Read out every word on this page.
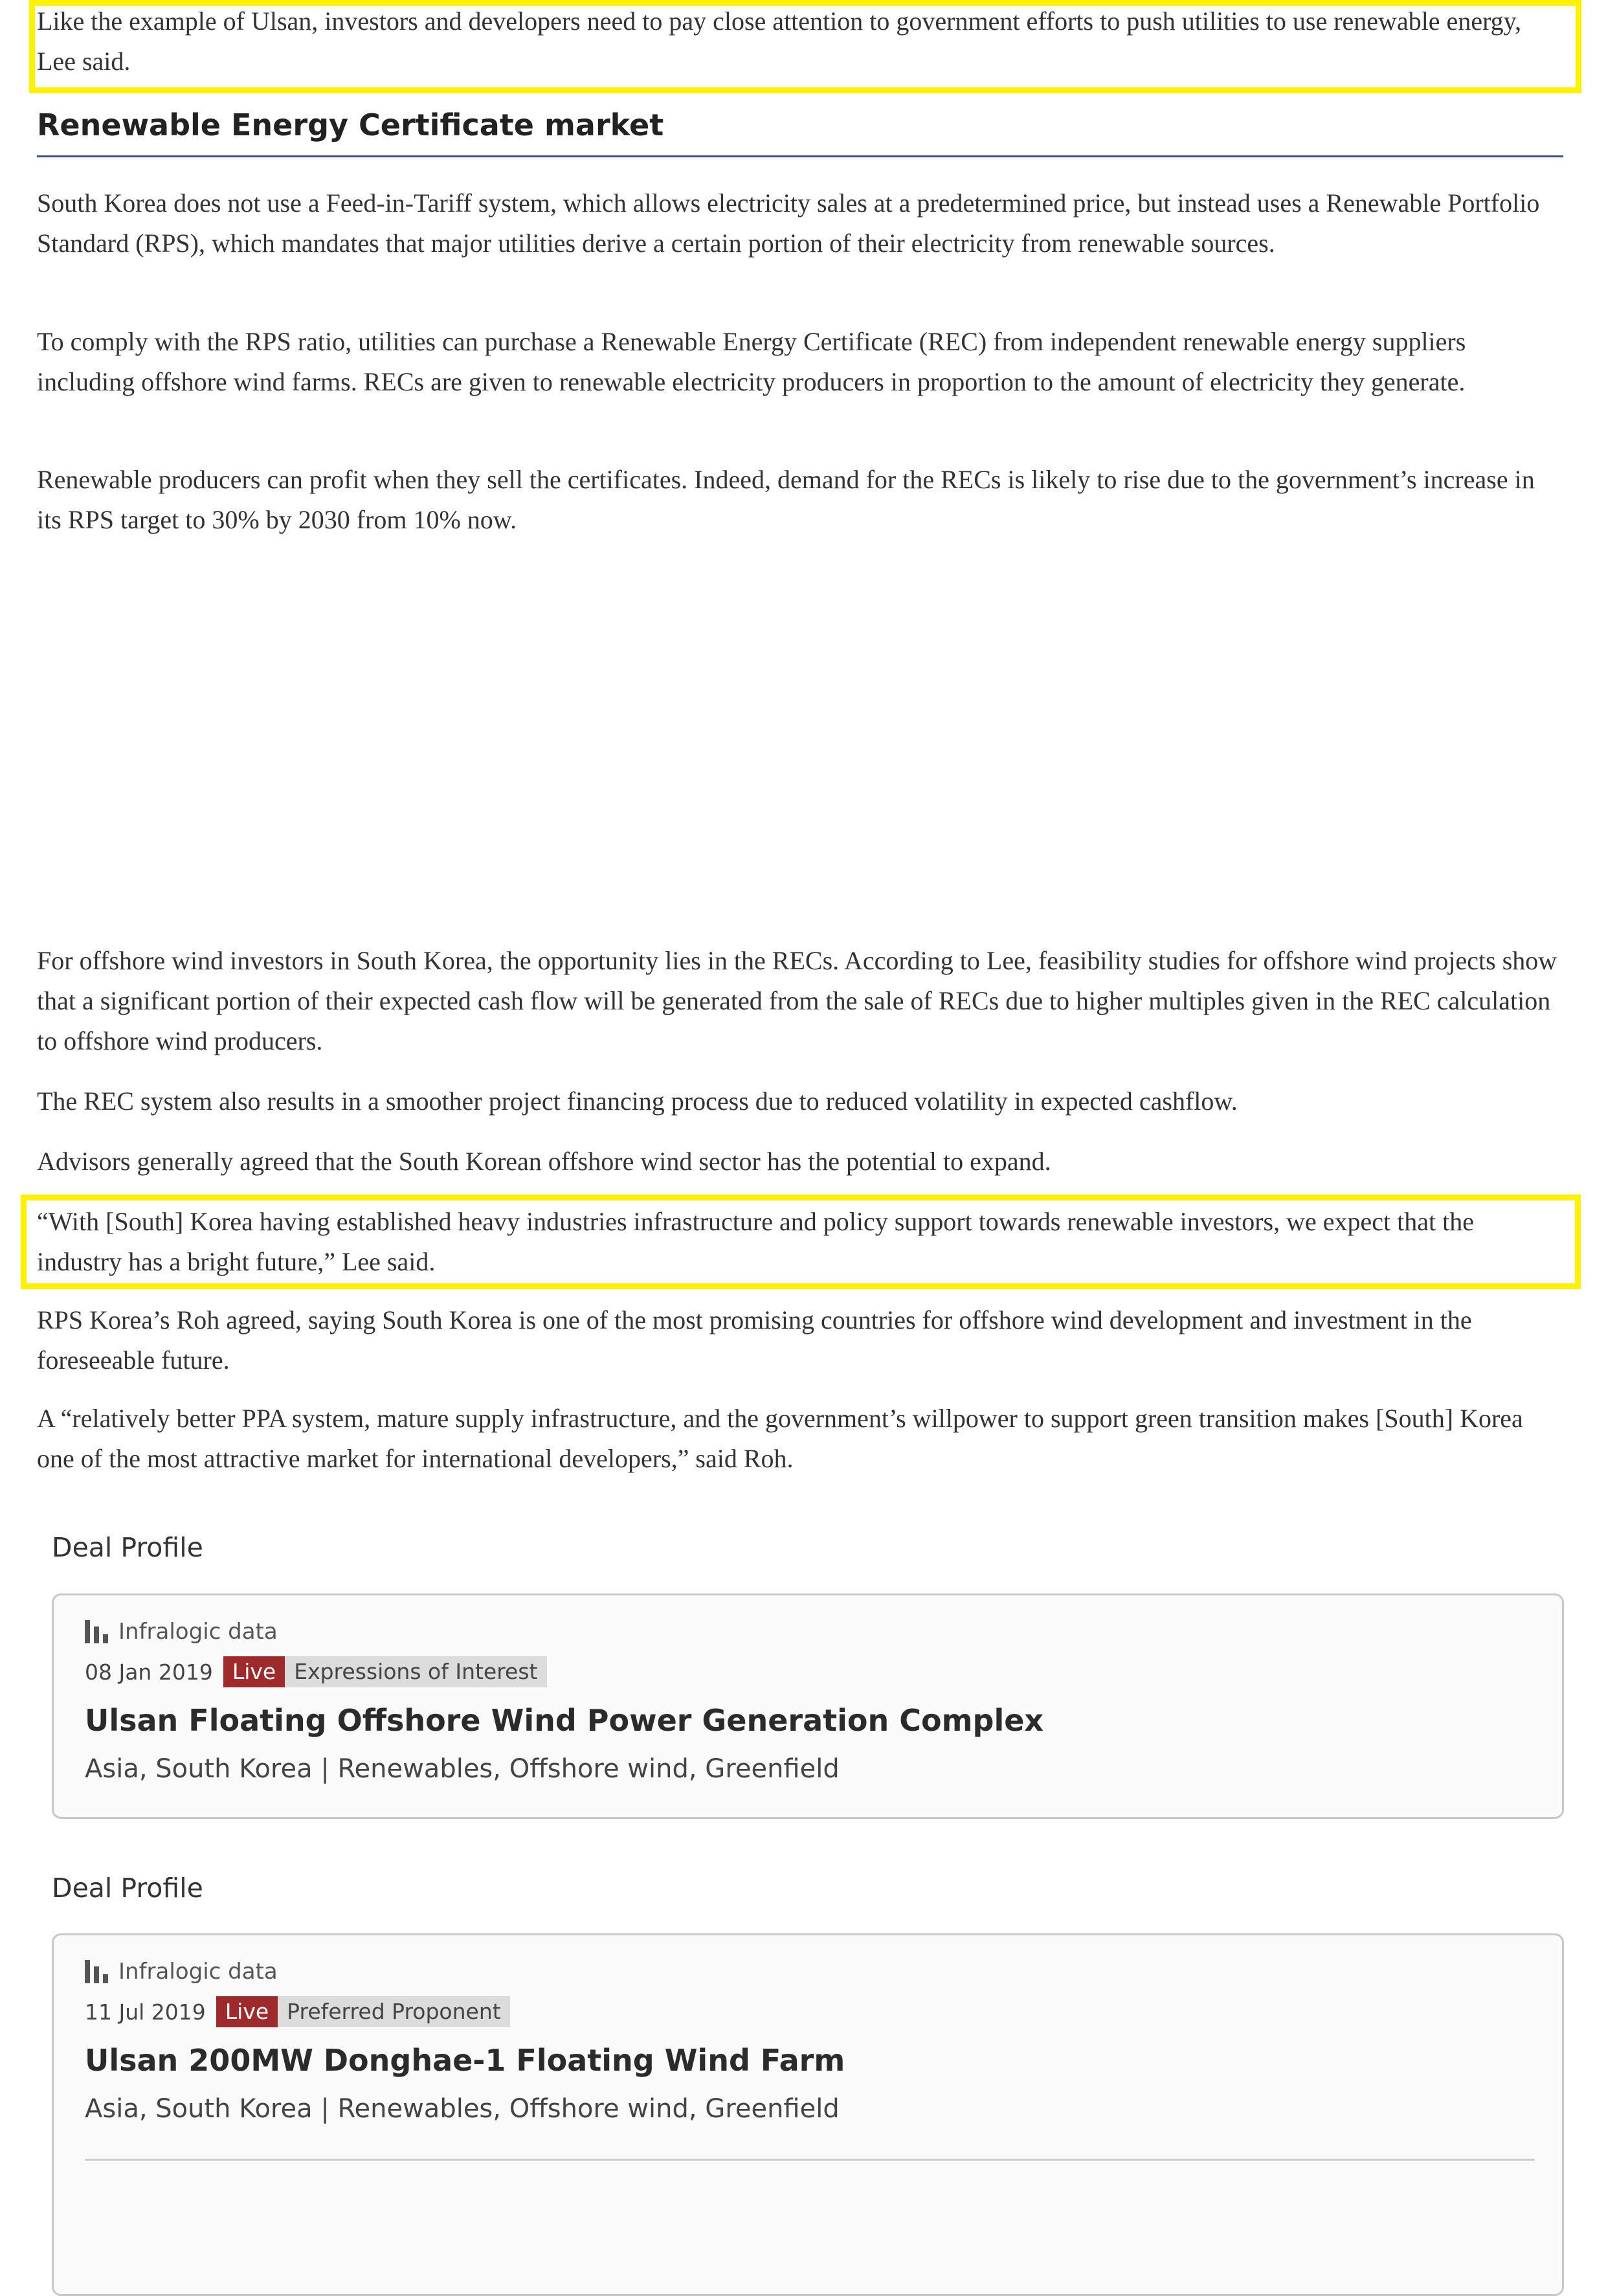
Like the example of Ulsan, investors and developers need to pay close attention to government efforts to push utilities to use renewable energy, Lee said.

Renewable Energy Certificate market

South Korea does not use a Feed-in-Tariff system, which allows electricity sales at a predetermined price, but instead uses a Renewable Portfolio Standard (RPS), which mandates that major utilities derive a certain portion of their electricity from renewable sources.

To comply with the RPS ratio, utilities can purchase a Renewable Energy Certificate (REC) from independent renewable energy suppliers including offshore wind farms. RECs are given to renewable electricity producers in proportion to the amount of electricity they generate.

Renewable producers can profit when they sell the certificates. Indeed, demand for the RECs is likely to rise due to the government’s increase in its RPS target to 30% by 2030 from 10% now.

For offshore wind investors in South Korea, the opportunity lies in the RECs. According to Lee, feasibility studies for offshore wind projects show that a significant portion of their expected cash flow will be generated from the sale of RECs due to higher multiples given in the REC calculation to offshore wind producers.

The REC system also results in a smoother project financing process due to reduced volatility in expected cashflow.

Advisors generally agreed that the South Korean offshore wind sector has the potential to expand.

“With [South] Korea having established heavy industries infrastructure and policy support towards renewable investors, we expect that the industry has a bright future,” Lee said.

RPS Korea’s Roh agreed, saying South Korea is one of the most promising countries for offshore wind development and investment in the foreseeable future.

A “relatively better PPA system, mature supply infrastructure, and the government’s willpower to support green transition makes [South] Korea one of the most attractive market for international developers,” said Roh.

Deal Profile
Infralogic data
08 Jan 2019 Live Expressions of Interest
Ulsan Floating Offshore Wind Power Generation Complex

Asia, South Korea | Renewables, Offshore wind, Greenfield

Deal Profile
Infralogic data
11 Jul 2019 Live Preferred Proponent
Ulsan 200MW Donghae-1 Floating Wind Farm

Asia, South Korea | Renewables, Offshore wind, Greenfield
